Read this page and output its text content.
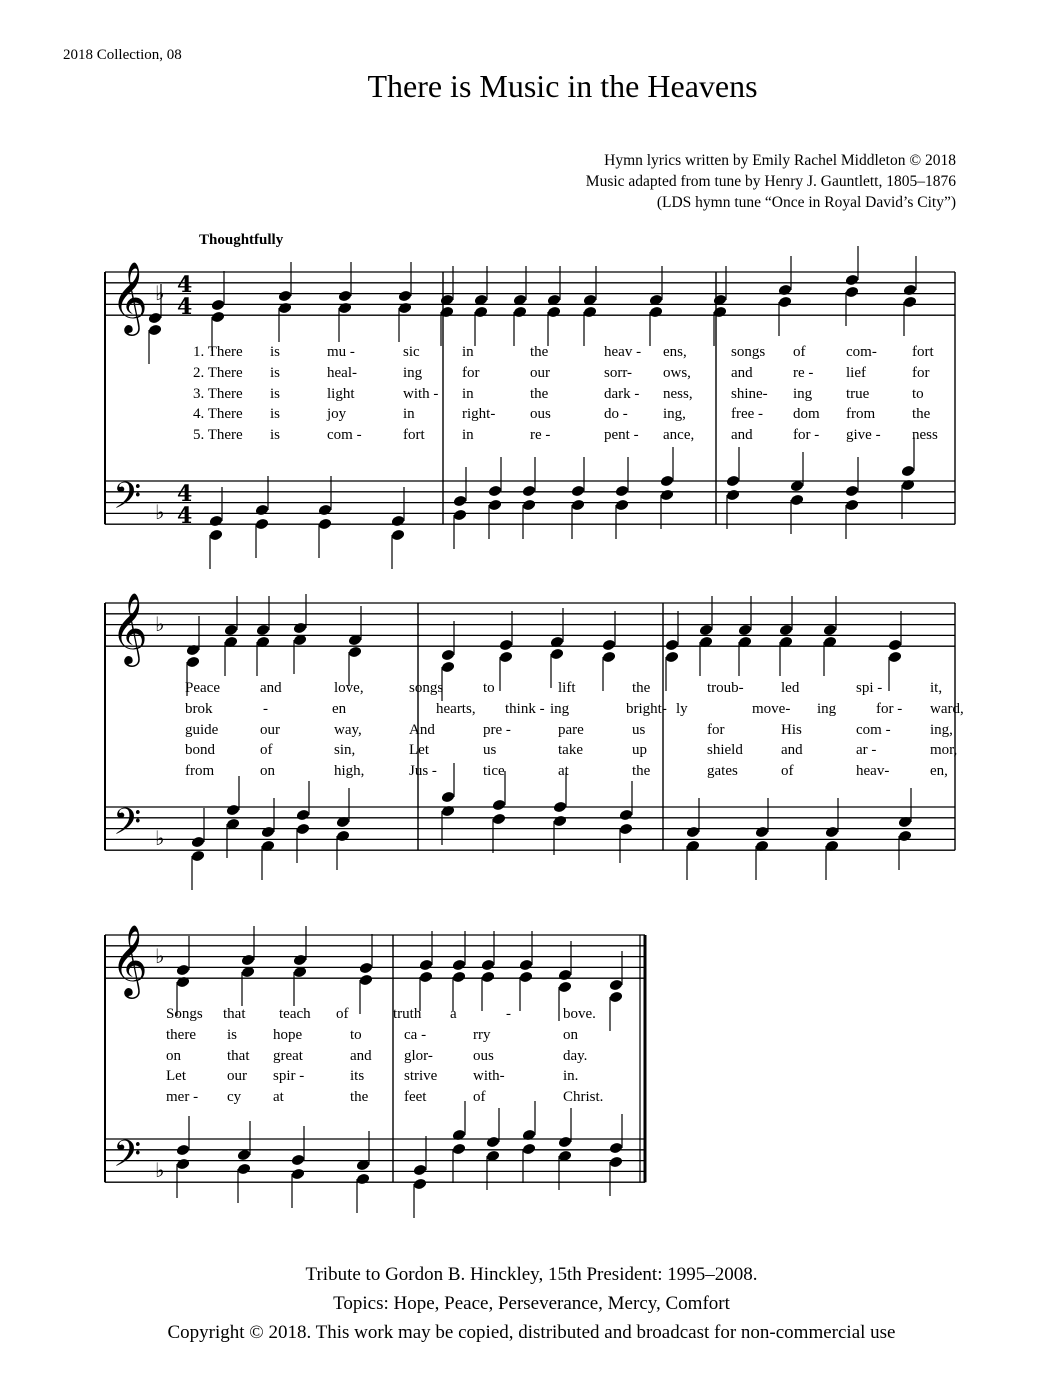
2018 Collection, 08
There is Music in the Heavens
Hymn lyrics written by Emily Rachel Middleton © 2018
Music adapted from tune by Henry J. Gauntlett, 1805–1876
(LDS hymn tune “Once in Royal David’s City”)
Thoughtfully
𝄞
𝄢
♭
♭
4
4
4
4
𝄞
𝄢
♭
♭
𝄞
𝄢
♭
♭
1. There is	mu -	sic	in	the	heav - ens,	songs of	com- fort
2. There is	heal-	ing	for	our	sorr- ows,	and	re - lief	for
3. There is	light	with - in	the	dark - ness,	shine- ing true	to
4. There is	joy	in	right- ous	do - ing,	free - dom from the
5. There is	com -	fort in	re -	pent - ance, and	for - give - ness
Peace	and	love,	songs	to	lift	the	troub- led	spi -	it,
brok	-	en	hearts, think - ing	bright- ly	move- ing	for - ward,
guide	our	way,	And	pre -	pare	us	for	His	com -	ing,
bond	of	sin,	Let	us	take	up	shield	and	ar -	mor,
from	on	high,	Jus -	tice	at	the	gates	of	heav-	en,
Songs that teach of	truth a	-	bove.
there is hope	to	ca -	rry	on
on	that great	and glor-	ous	day.
Let	our spir -	its	strive with-	in.
mer - cy at	the feet	of	Christ.
Tribute to Gordon B. Hinckley, 15th President: 1995–2008.
Topics: Hope, Peace, Perseverance, Mercy, Comfort
Copyright © 2018. This work may be copied, distributed and broadcast for non-commercial use
